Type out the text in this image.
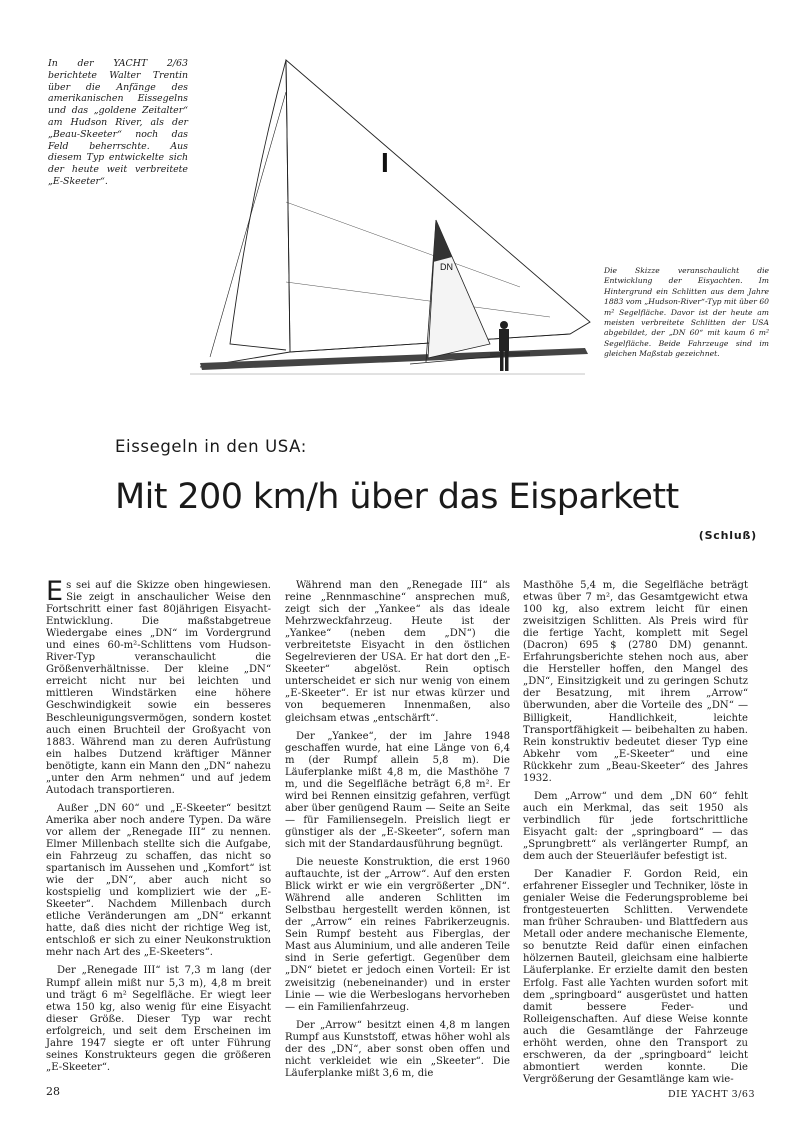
In der YACHT 2/63 berichtete Walter Trentin über die Anfänge des amerikanischen Eissegelns und das „goldene Zeitalter“ am Hudson River, als der „Beau-Skeeter“ noch das Feld beherrschte. Aus diesem Typ entwickelte sich der heute weit verbreitete „E-Skeeter“.
I
DN	Die Skizze veranschaulicht die Entwicklung der Eisyachten. Im Hintergrund ein Schlitten aus dem Jahre 1883 vom „Hudson-River“-Typ mit über 60 m² Segelfläche. Davor ist der heute am meisten verbreitete Schlitten der USA abgebildet, der „DN 60“ mit kaum 6 m² Segelfläche. Beide Fahrzeuge sind im gleichen Maßstab gezeichnet.
Eissegeln in den USA:
Mit 200 km/h über das Eisparkett
(Schluß)

Es sei auf die Skizze oben hingewiesen. Sie zeigt in anschaulicher Weise den Fortschritt einer fast 80jährigen Eisyacht-Entwicklung. Die maßstabgetreue Wiedergabe eines „DN“ im Vordergrund und eines 60-m²-Schlittens vom Hudson-River-Typ veranschaulicht die Größenverhältnisse. Der kleine „DN“ erreicht nicht nur bei leichten und mittleren Windstärken eine höhere Geschwindigkeit sowie ein besseres Beschleunigungsvermögen, sondern kostet auch einen Bruchteil der Großyacht von 1883. Während man zu deren Aufrüstung ein halbes Dutzend kräftiger Männer benötigte, kann ein Mann den „DN“ nahezu „unter den Arm nehmen“ und auf jedem Autodach transportieren.

Außer „DN 60“ und „E-Skeeter“ besitzt Amerika aber noch andere Typen. Da wäre vor allem der „Renegade III“ zu nennen. Elmer Millenbach stellte sich die Aufgabe, ein Fahrzeug zu schaffen, das nicht so spartanisch im Aussehen und „Komfort“ ist wie der „DN“, aber auch nicht so kostspielig und kompliziert wie der „E-Skeeter“. Nachdem Millenbach durch etliche Veränderungen am „DN“ erkannt hatte, daß dies nicht der richtige Weg ist, entschloß er sich zu einer Neukonstruktion mehr nach Art des „E-Skeeters“.

Der „Renegade III“ ist 7,3 m lang (der Rumpf allein mißt nur 5,3 m), 4,8 m breit und trägt 6 m² Segelfläche. Er wiegt leer etwa 150 kg, also wenig für eine Eisyacht dieser Größe. Dieser Typ war recht erfolgreich, und seit dem Erscheinen im Jahre 1947 siegte er oft unter Führung seines Konstrukteurs gegen die größeren „E-Skeeter“.

Während man den „Renegade III“ als reine „Rennmaschine“ ansprechen muß, zeigt sich der „Yankee“ als das ideale Mehrzweckfahrzeug. Heute ist der „Yankee“ (neben dem „DN“) die verbreitetste Eisyacht in den östlichen Segelrevieren der USA. Er hat dort den „E-Skeeter“ abgelöst. Rein optisch unterscheidet er sich nur wenig von einem „E-Skeeter“. Er ist nur etwas kürzer und von bequemeren Innenmaßen, also gleichsam etwas „entschärft“.

Der „Yankee“, der im Jahre 1948 geschaffen wurde, hat eine Länge von 6,4 m (der Rumpf allein 5,8 m). Die Läuferplanke mißt 4,8 m, die Masthöhe 7 m, und die Segelfläche beträgt 6,8 m². Er wird bei Rennen einsitzig gefahren, verfügt aber über genügend Raum — Seite an Seite — für Familiensegeln. Preislich liegt er günstiger als der „E-Skeeter“, sofern man sich mit der Standardausführung begnügt.

Die neueste Konstruktion, die erst 1960 auftauchte, ist der „Arrow“. Auf den ersten Blick wirkt er wie ein vergrößerter „DN“. Während alle anderen Schlitten im Selbstbau hergestellt werden können, ist der „Arrow“ ein reines Fabrikerzeugnis. Sein Rumpf besteht aus Fiberglas, der Mast aus Aluminium, und alle anderen Teile sind in Serie gefertigt. Gegenüber dem „DN“ bietet er jedoch einen Vorteil: Er ist zweisitzig (nebeneinander) und in erster Linie — wie die Werbeslogans hervorheben — ein Familienfahrzeug.

Der „Arrow“ besitzt einen 4,8 m langen Rumpf aus Kunststoff, etwas höher wohl als der des „DN“, aber sonst oben offen und nicht verkleidet wie ein „Skeeter“. Die Läuferplanke mißt 3,6 m, die

Masthöhe 5,4 m, die Segelfläche beträgt etwas über 7 m², das Gesamtgewicht etwa 100 kg, also extrem leicht für einen zweisitzigen Schlitten. Als Preis wird für die fertige Yacht, komplett mit Segel (Dacron) 695 $ (2780 DM) genannt. Erfahrungsberichte stehen noch aus, aber die Hersteller hoffen, den Mangel des „DN“, Einsitzigkeit und zu geringen Schutz der Besatzung, mit ihrem „Arrow“ überwunden, aber die Vorteile des „DN“ — Billigkeit, Handlichkeit, leichte Transportfähigkeit — beibehalten zu haben. Rein konstruktiv bedeutet dieser Typ eine Abkehr vom „E-Skeeter“ und eine Rückkehr zum „Beau-Skeeter“ des Jahres 1932.

Dem „Arrow“ und dem „DN 60“ fehlt auch ein Merkmal, das seit 1950 als verbindlich für jede fortschrittliche Eisyacht galt: der „springboard“ — das „Sprungbrett“ als verlängerter Rumpf, an dem auch der Steuerläufer befestigt ist.

Der Kanadier F. Gordon Reid, ein erfahrener Eissegler und Techniker, löste in genialer Weise die Federungsprobleme bei frontgesteuerten Schlitten. Verwendete man früher Schrauben- und Blattfedern aus Metall oder andere mechanische Elemente, so benutzte Reid dafür einen einfachen hölzernen Bauteil, gleichsam eine halbierte Läuferplanke. Er erzielte damit den besten Erfolg. Fast alle Yachten wurden sofort mit dem „springboard“ ausgerüstet und hatten damit bessere Feder- und Rolleigenschaften. Auf diese Weise konnte auch die Gesamtlänge der Fahrzeuge erhöht werden, ohne den Transport zu erschweren, da der „springboard“ leicht abmontiert werden konnte. Die Vergrößerung der Gesamtlänge kam wie-

28	DIE YACHT 3/63
